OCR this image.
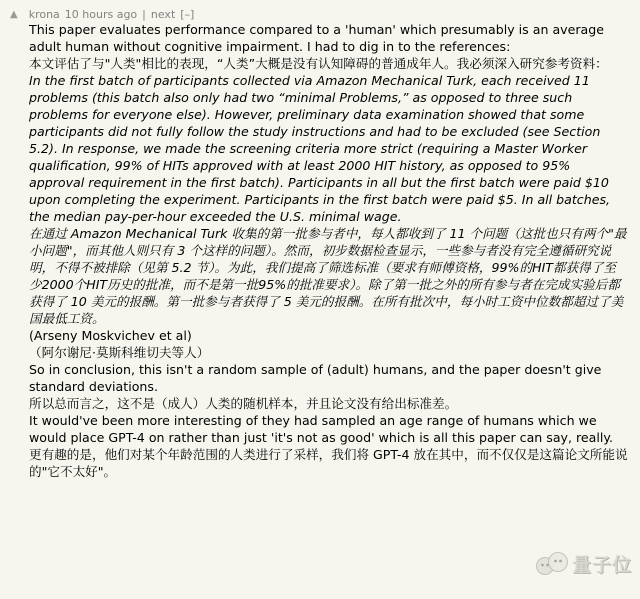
▲ krona 10 hours ago | next [–]

This paper evaluates performance compared to a 'human' which presumably is an average adult human without cognitive impairment. I had to dig in to the references:

本文评估了与"人类"相比的表现，“人类”大概是没有认知障碍的普通成年人。我必须深入研究参考资料：

In the first batch of participants collected via Amazon Mechanical Turk, each received 11 problems (this batch also only had two “minimal Problems,” as opposed to three such problems for everyone else). However, preliminary data examination showed that some participants did not fully follow the study instructions and had to be excluded (see Section 5.2). In response, we made the screening criteria more strict (requiring a Master Worker qualification, 99% of HITs approved with at least 2000 HIT history, as opposed to 95% approval requirement in the first batch). Participants in all but the first batch were paid $10 upon completing the experiment. Participants in the first batch were paid $5. In all batches, the median pay-per-hour exceeded the U.S. minimal wage.

在通过 Amazon Mechanical Turk 收集的第一批参与者中，每人都收到了 11 个问题（这批也只有两个"最小问题"，而其他人则只有 3 个这样的问题）。然而，初步数据检查显示，一些参与者没有完全遵循研究说明，不得不被排除（见第 5.2 节）。为此，我们提高了筛选标准（要求有师傅资格，99%的HIT都获得了至少2000个HIT历史的批准，而不是第一批95%的批准要求）。除了第一批之外的所有参与者在完成实验后都获得了 10 美元的报酬。第一批参与者获得了 5 美元的报酬。在所有批次中，每小时工资中位数都超过了美国最低工资。

(Arseny Moskvichev et al)

（阿尔谢尼·莫斯科维切夫等人）

So in conclusion, this isn't a random sample of (adult) humans, and the paper doesn't give standard deviations.

所以总而言之，这不是（成人）人类的随机样本，并且论文没有给出标准差。

It would've been more interesting of they had sampled an age range of humans which we would place GPT-4 on rather than just 'it's not as good' which is all this paper can say, really.

更有趣的是，他们对某个年龄范围的人类进行了采样，我们将 GPT-4 放在其中，而不仅仅是这篇论文所能说的"它不太好"。

量子位
